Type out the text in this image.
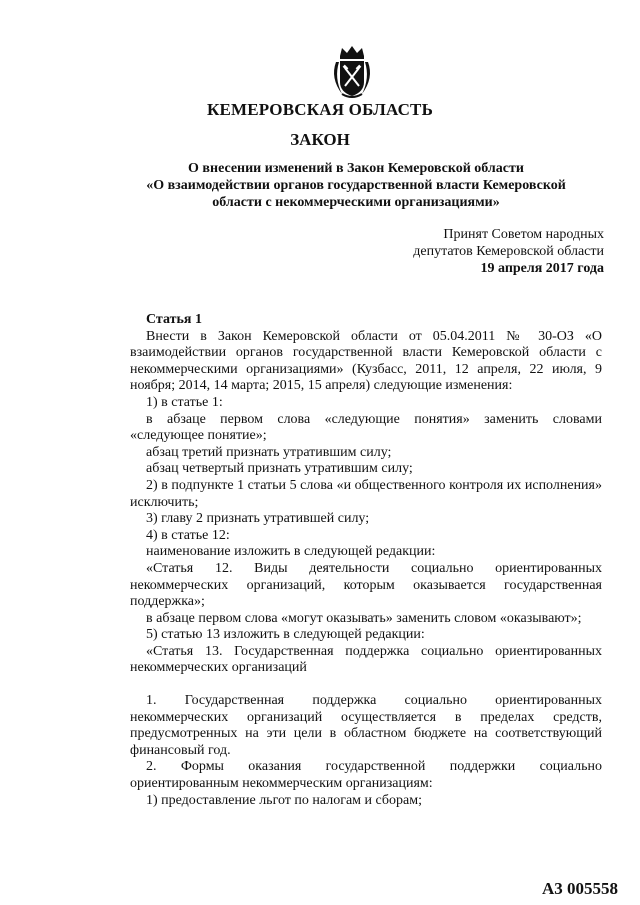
КЕМЕРОВСКАЯ ОБЛАСТЬ

ЗАКОН

О внесении изменений в Закон Кемеровской области
«О взаимодействии органов государственной власти Кемеровской
области с некоммерческими организациями»
Принят Советом народных
депутатов Кемеровской области
19 апреля 2017 года

Статья 1

Внести в Закон Кемеровской области от 05.04.2011 № 30-ОЗ «О взаимодействии органов государственной власти Кемеровской области с некоммерческими организациями» (Кузбасс, 2011, 12 апреля, 22 июля, 9 ноября; 2014, 14 марта; 2015, 15 апреля) следующие изменения:

1) в статье 1:

в абзаце первом слова «следующие понятия» заменить словами «следующее понятие»;

абзац третий признать утратившим силу;

абзац четвертый признать утратившим силу;

2) в подпункте 1 статьи 5 слова «и общественного контроля их исполнения» исключить;

3) главу 2 признать утратившей силу;

4) в статье 12:

наименование изложить в следующей редакции:

«Статья 12. Виды деятельности социально ориентированных некоммерческих организаций, которым оказывается государственная поддержка»;

в абзаце первом слова «могут оказывать» заменить словом «оказывают»;

5) статью 13 изложить в следующей редакции:

«Статья 13. Государственная поддержка социально ориентированных некоммерческих организаций

1. Государственная поддержка социально ориентированных некоммерческих организаций осуществляется в пределах средств, предусмотренных на эти цели в областном бюджете на соответствующий финансовый год.

2. Формы оказания государственной поддержки социально ориентированным некоммерческим организациям:

1) предоставление льгот по налогам и сборам;

А3 005558
